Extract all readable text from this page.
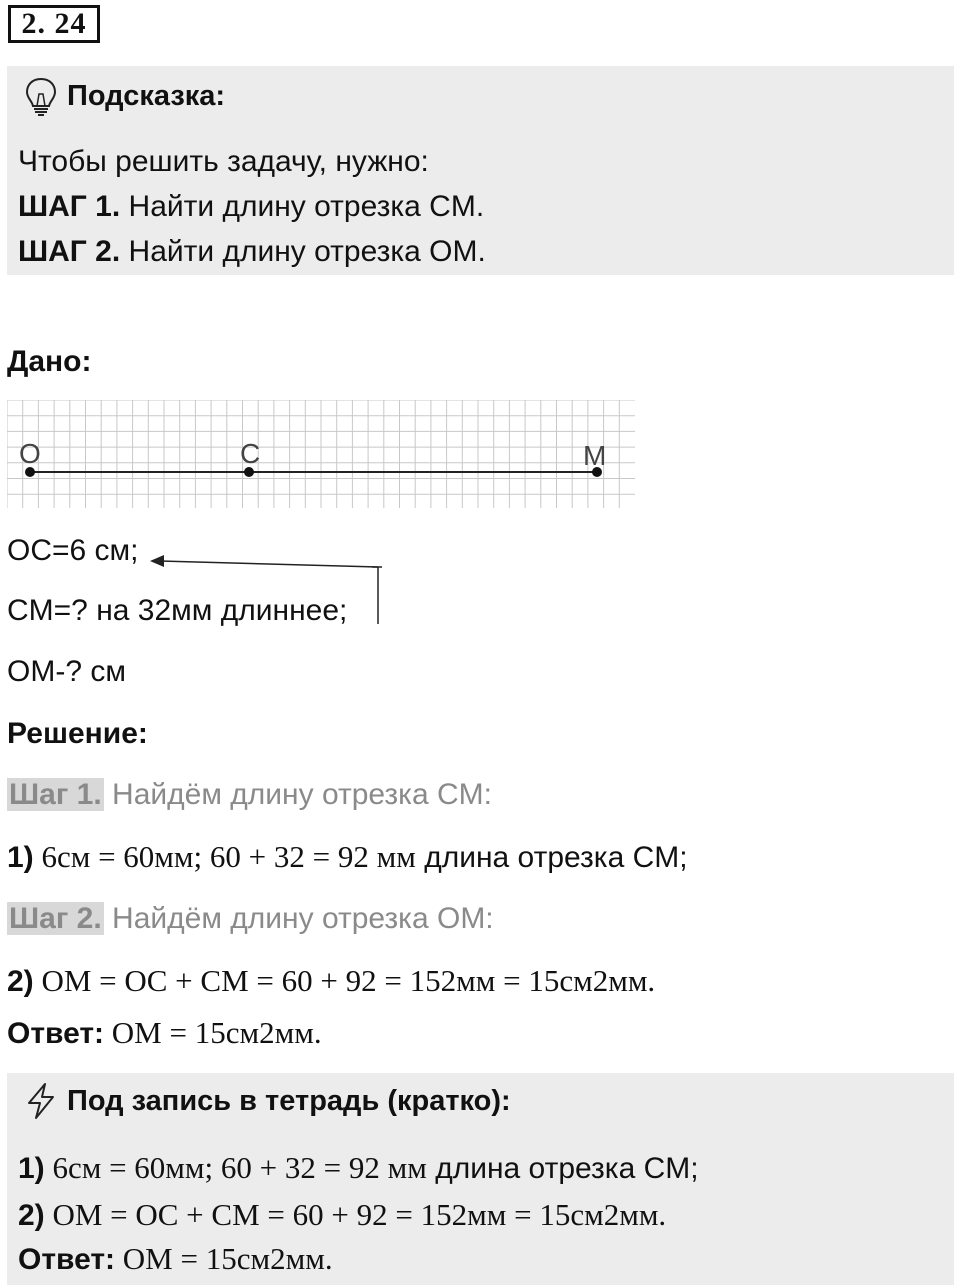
2. 24
Подсказка:
Чтобы решить задачу, нужно:
ШАГ 1. Найти длину отрезка CM.
ШАГ 2. Найти длину отрезка OM.
Дано:
O	C	M
OC=6 см;
CM=? на 32мм длиннее;
OM-? см
Решение:
Шаг 1. Найдём длину отрезка CM:
1) 6см = 60мм; 60 + 32 = 92 мм длина отрезка CM;
Шаг 2. Найдём длину отрезка OM:
2) OM = OC + CM = 60 + 92 = 152мм = 15см2мм.
Ответ: OM = 15см2мм.
Под запись в тетрадь (кратко):
1) 6см = 60мм; 60 + 32 = 92 мм длина отрезка CM;
2) OM = OC + CM = 60 + 92 = 152мм = 15см2мм.
Ответ: OM = 15см2мм.
